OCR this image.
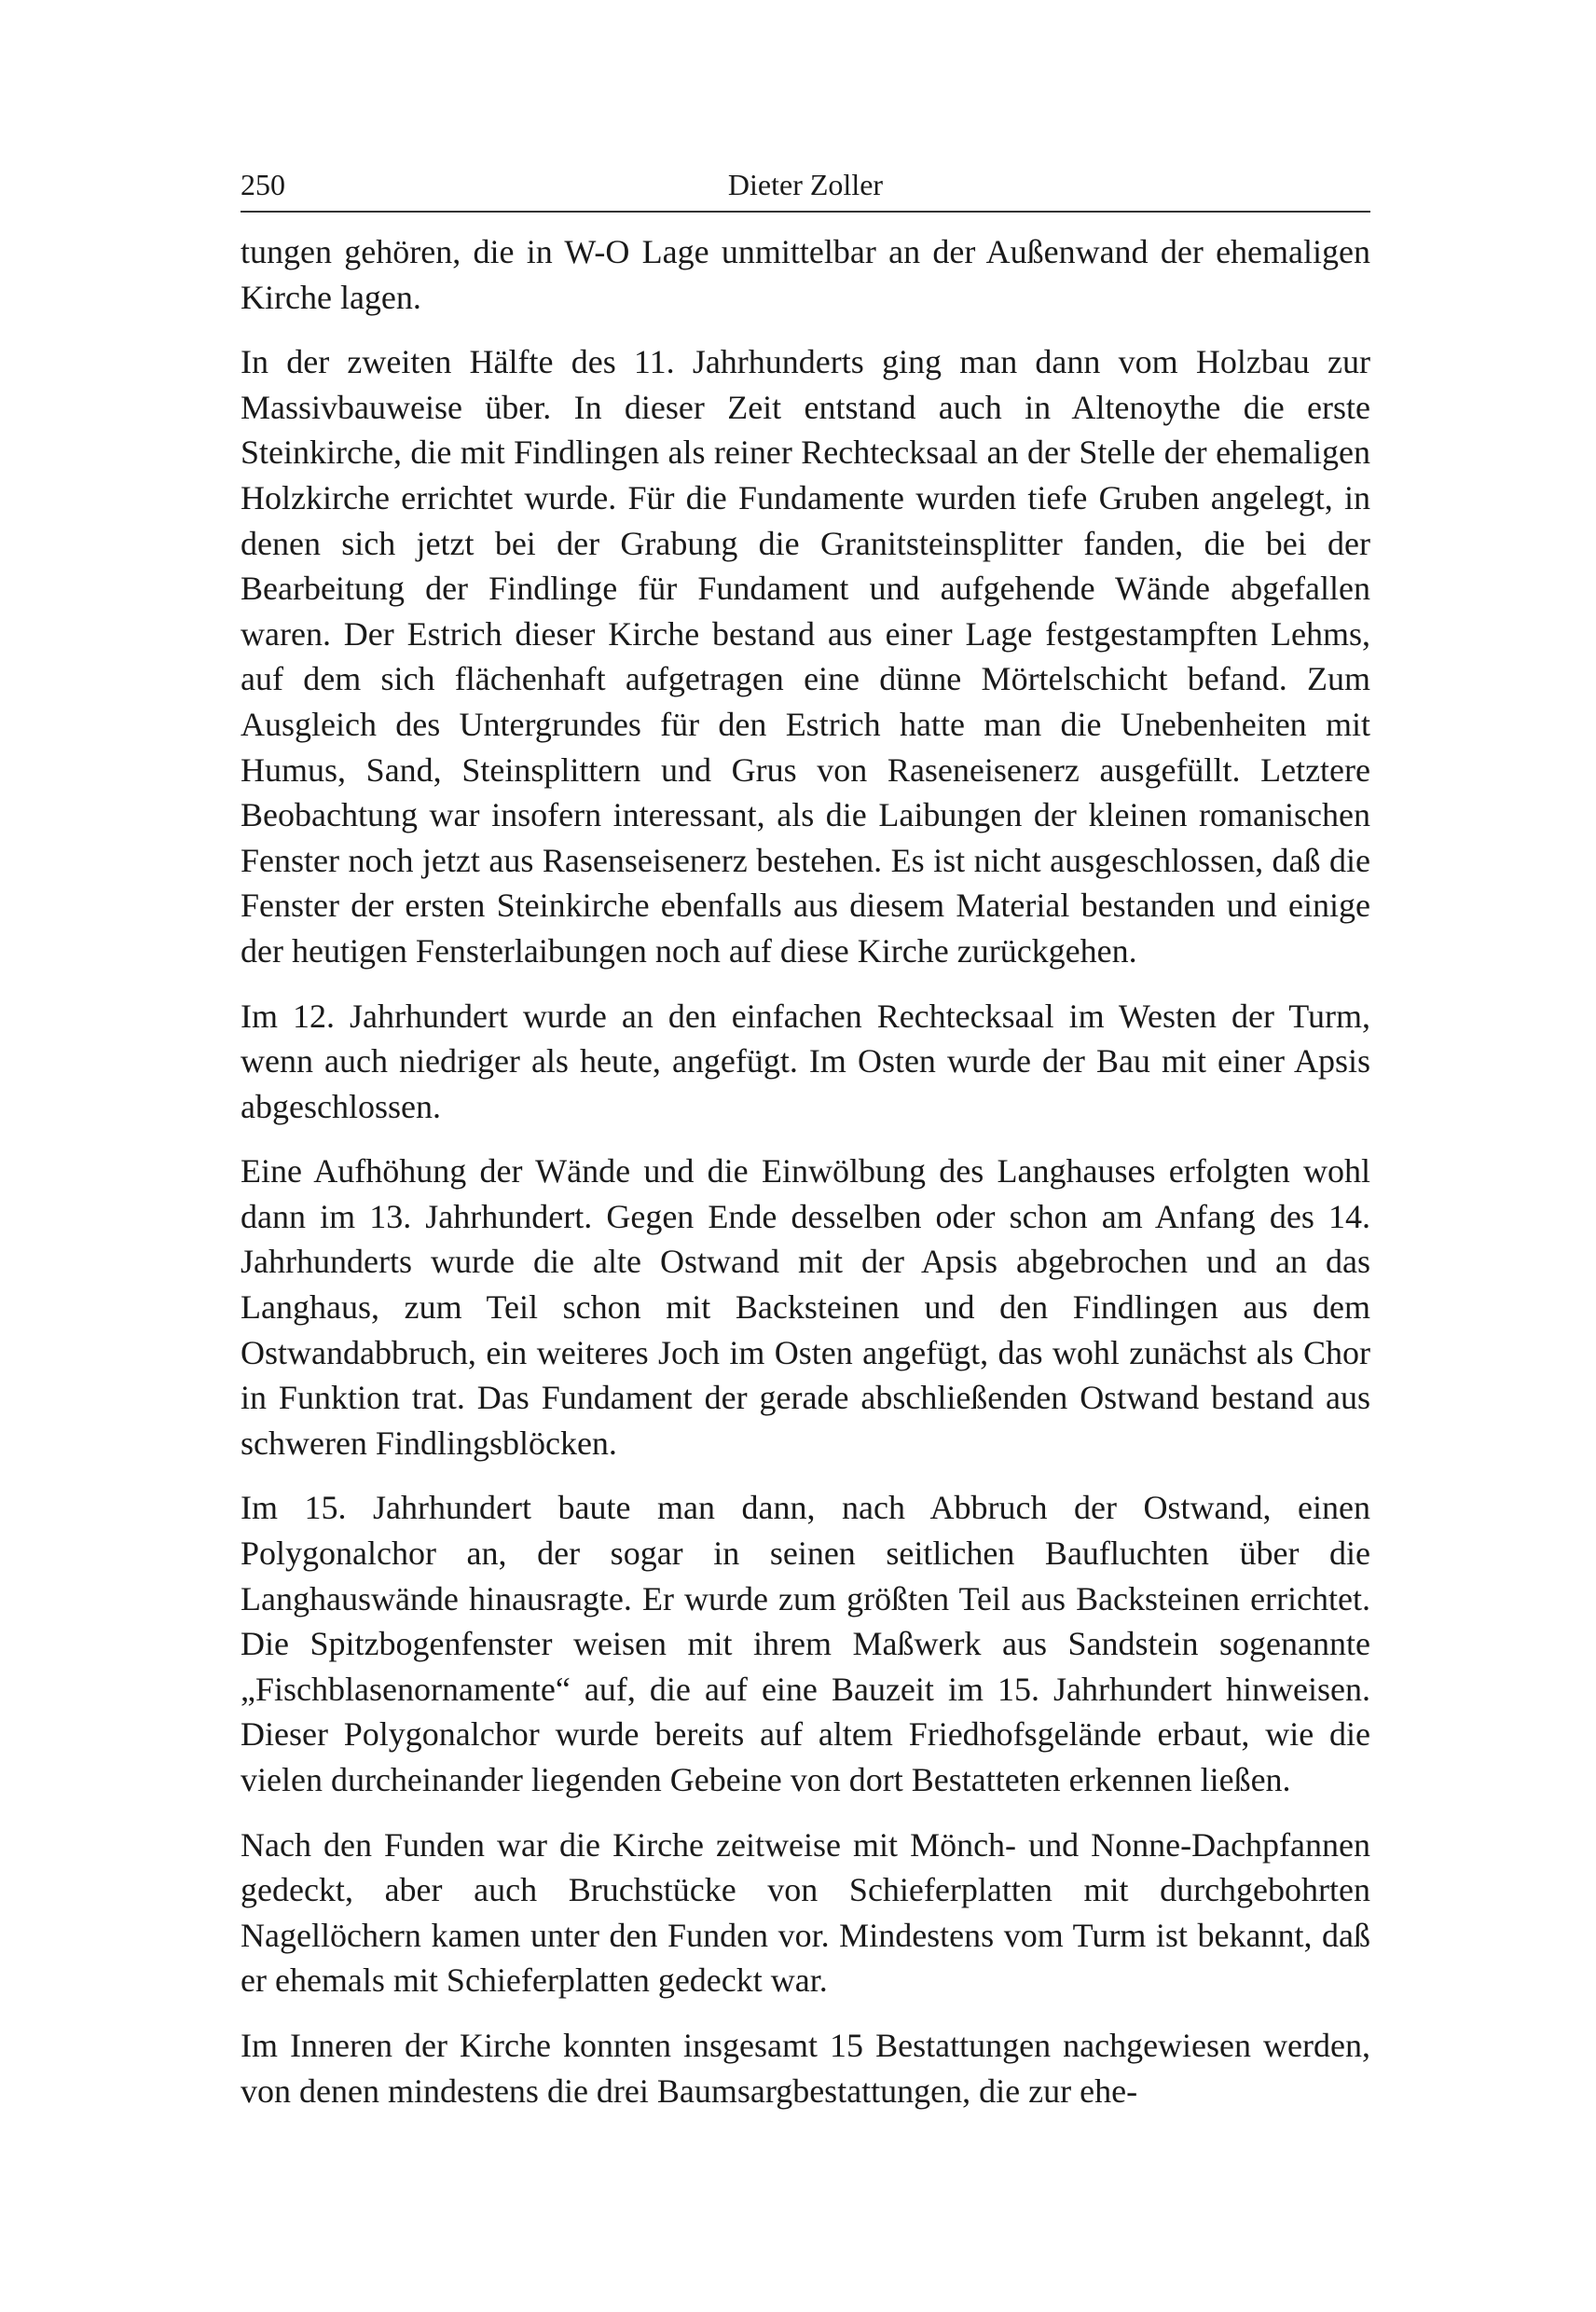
250	Dieter Zoller

tungen gehören, die in W-O Lage unmittelbar an der Außenwand der ehemaligen Kirche lagen.

In der zweiten Hälfte des 11. Jahrhunderts ging man dann vom Holzbau zur Massivbauweise über. In dieser Zeit entstand auch in Altenoythe die erste Steinkirche, die mit Findlingen als reiner Rechtecksaal an der Stelle der ehemaligen Holzkirche errichtet wurde. Für die Fundamente wurden tiefe Gruben angelegt, in denen sich jetzt bei der Grabung die Granitsteinsplitter fanden, die bei der Bearbeitung der Findlinge für Fundament und aufgehende Wände abgefallen waren. Der Estrich dieser Kirche bestand aus einer Lage festgestampften Lehms, auf dem sich flächenhaft aufgetragen eine dünne Mörtelschicht befand. Zum Ausgleich des Untergrundes für den Estrich hatte man die Unebenheiten mit Humus, Sand, Steinsplittern und Grus von Raseneisenerz ausgefüllt. Letztere Beobachtung war insofern interessant, als die Laibungen der kleinen romanischen Fenster noch jetzt aus Rasenseisenerz bestehen. Es ist nicht ausgeschlossen, daß die Fenster der ersten Steinkirche ebenfalls aus diesem Material bestanden und einige der heutigen Fensterlaibungen noch auf diese Kirche zurückgehen.

Im 12. Jahrhundert wurde an den einfachen Rechtecksaal im Westen der Turm, wenn auch niedriger als heute, angefügt. Im Osten wurde der Bau mit einer Apsis abgeschlossen.

Eine Aufhöhung der Wände und die Einwölbung des Langhauses erfolgten wohl dann im 13. Jahrhundert. Gegen Ende desselben oder schon am Anfang des 14. Jahrhunderts wurde die alte Ostwand mit der Apsis abgebrochen und an das Langhaus, zum Teil schon mit Backsteinen und den Findlingen aus dem Ostwandabbruch, ein weiteres Joch im Osten angefügt, das wohl zunächst als Chor in Funktion trat. Das Fundament der gerade abschließenden Ostwand bestand aus schweren Findlingsblöcken.

Im 15. Jahrhundert baute man dann, nach Abbruch der Ostwand, einen Polygonalchor an, der sogar in seinen seitlichen Baufluchten über die Langhauswände hinausragte. Er wurde zum größten Teil aus Backsteinen errichtet. Die Spitzbogenfenster weisen mit ihrem Maßwerk aus Sandstein sogenannte „Fischblasenornamente“ auf, die auf eine Bauzeit im 15. Jahrhundert hinweisen. Dieser Polygonalchor wurde bereits auf altem Friedhofsgelände erbaut, wie die vielen durcheinander liegenden Gebeine von dort Bestatteten erkennen ließen.

Nach den Funden war die Kirche zeitweise mit Mönch- und Nonne-Dachpfannen gedeckt, aber auch Bruchstücke von Schieferplatten mit durchgebohrten Nagellöchern kamen unter den Funden vor. Mindestens vom Turm ist bekannt, daß er ehemals mit Schieferplatten gedeckt war.

Im Inneren der Kirche konnten insgesamt 15 Bestattungen nachgewiesen werden, von denen mindestens die drei Baumsargbestattungen, die zur ehe-
